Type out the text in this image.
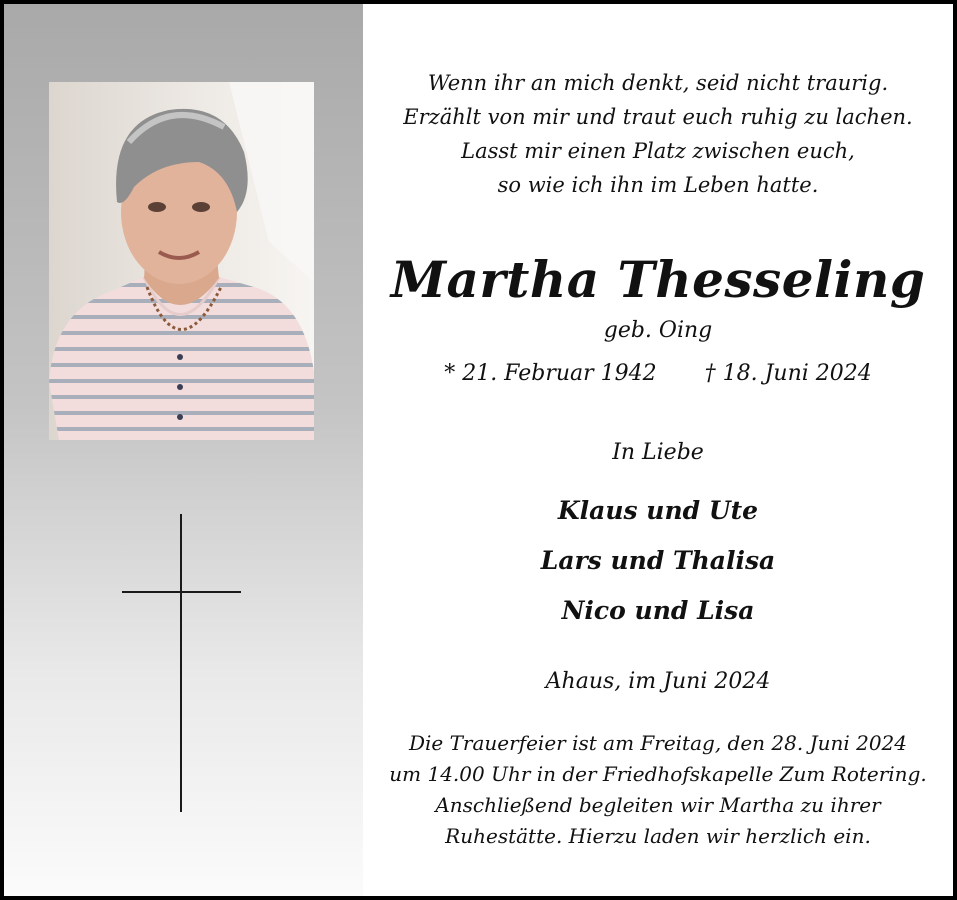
Wenn ihr an mich denkt, seid nicht traurig.
Erzählt von mir und traut euch ruhig zu lachen.
Lasst mir einen Platz zwischen euch,
so wie ich ihn im Leben hatte.
Martha Thesseling
geb. Oing
* 21. Februar 1942 † 18. Juni 2024
In Liebe
Klaus und Ute
Lars und Thalisa
Nico und Lisa
Ahaus, im Juni 2024
Die Trauerfeier ist am Freitag, den 28. Juni 2024
um 14.00 Uhr in der Friedhofskapelle Zum Rotering.
Anschließend begleiten wir Martha zu ihrer
Ruhestätte. Hierzu laden wir herzlich ein.
